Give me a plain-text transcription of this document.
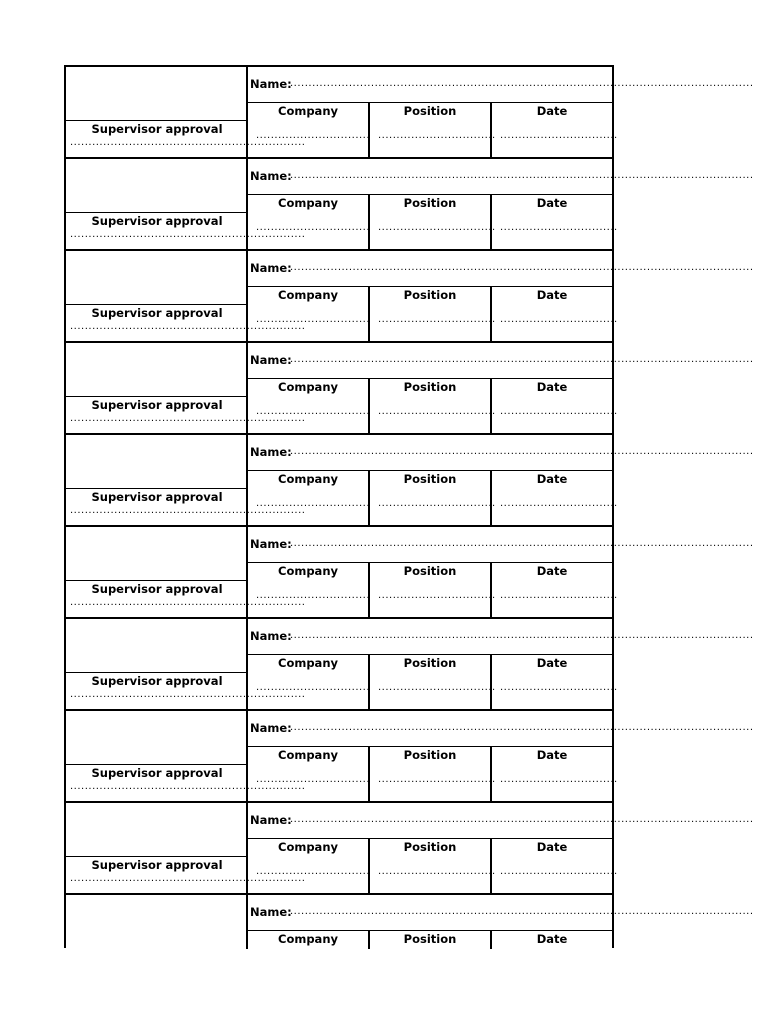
Supervisor approval
................................................................
Name:
..............................................................................................................................
Company
...............................
Position
................................
Date
................................
Supervisor approval
................................................................
Name:
..............................................................................................................................
Company
...............................
Position
................................
Date
................................
Supervisor approval
................................................................
Name:
..............................................................................................................................
Company
...............................
Position
................................
Date
................................
Supervisor approval
................................................................
Name:
..............................................................................................................................
Company
...............................
Position
................................
Date
................................
Supervisor approval
................................................................
Name:
..............................................................................................................................
Company
...............................
Position
................................
Date
................................
Supervisor approval
................................................................
Name:
..............................................................................................................................
Company
...............................
Position
................................
Date
................................
Supervisor approval
................................................................
Name:
..............................................................................................................................
Company
...............................
Position
................................
Date
................................
Supervisor approval
................................................................
Name:
..............................................................................................................................
Company
...............................
Position
................................
Date
................................
Supervisor approval
................................................................
Name:
..............................................................................................................................
Company
...............................
Position
................................
Date
................................
Name:
..............................................................................................................................
Company	Position	Date
